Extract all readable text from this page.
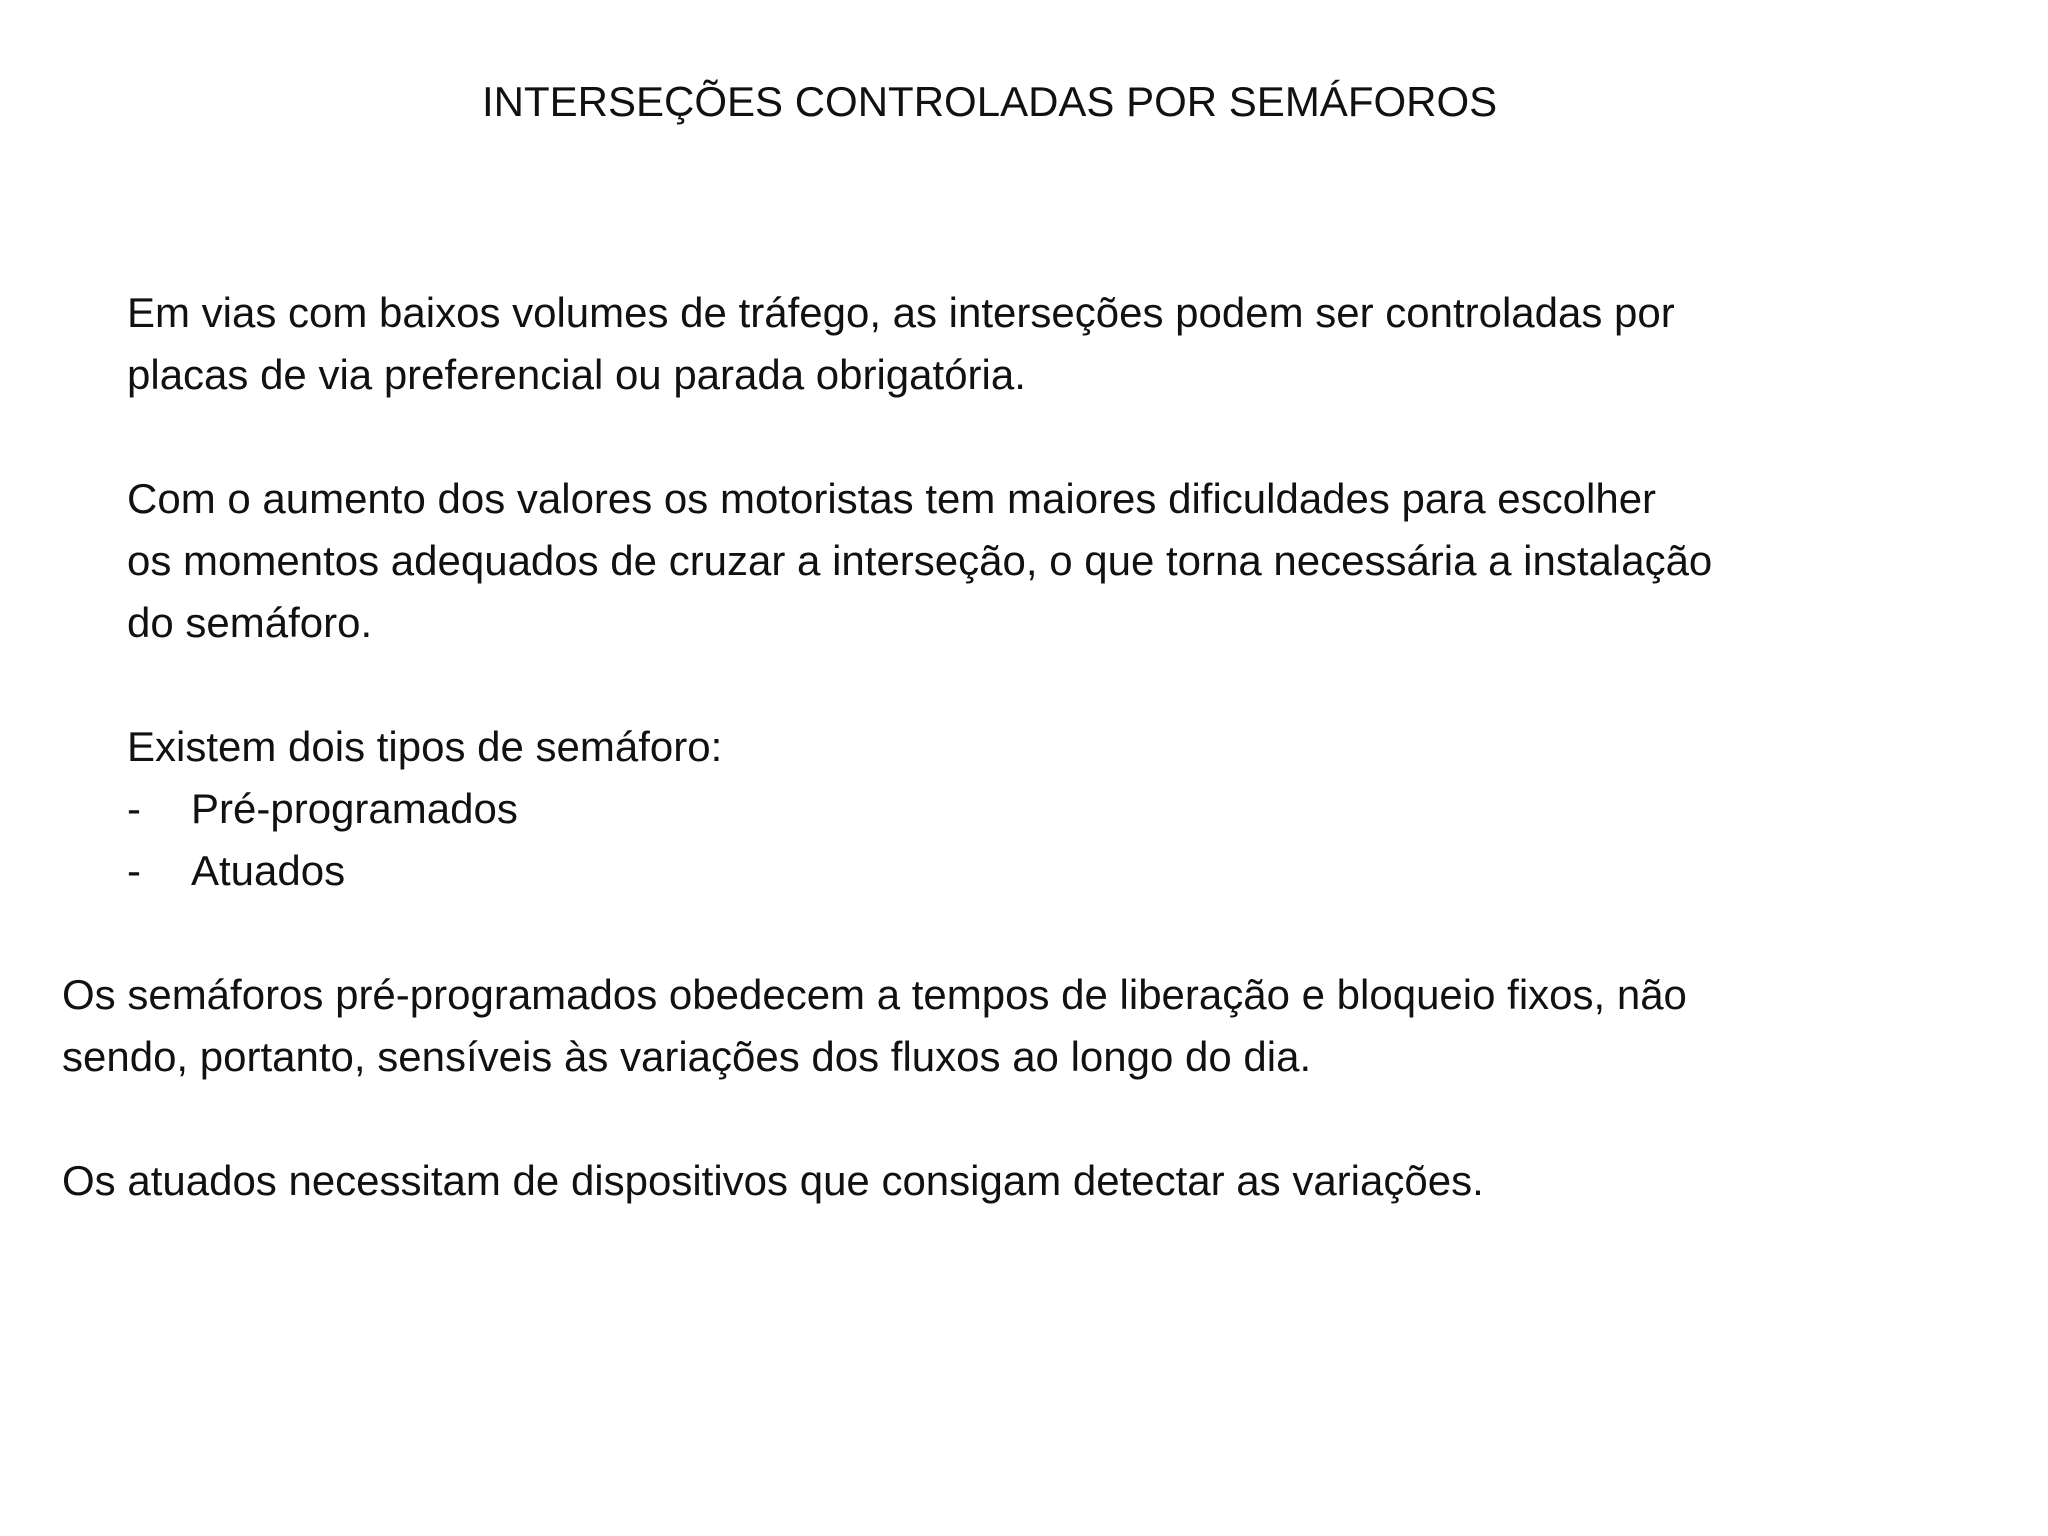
INTERSEÇÕES CONTROLADAS POR SEMÁFOROS
Em vias com baixos volumes de tráfego, as interseções podem ser controladas por
placas de via preferencial ou parada obrigatória.
Com o aumento dos valores os motoristas tem maiores dificuldades para escolher
os momentos adequados de cruzar a interseção, o que torna necessária a instalação
do semáforo.
Existem dois tipos de semáforo:
-	Pré-programados
-	Atuados
Os semáforos pré-programados obedecem a tempos de liberação e bloqueio fixos, não
sendo, portanto, sensíveis às variações dos fluxos ao longo do dia.
Os atuados necessitam de dispositivos que consigam detectar as variações.
